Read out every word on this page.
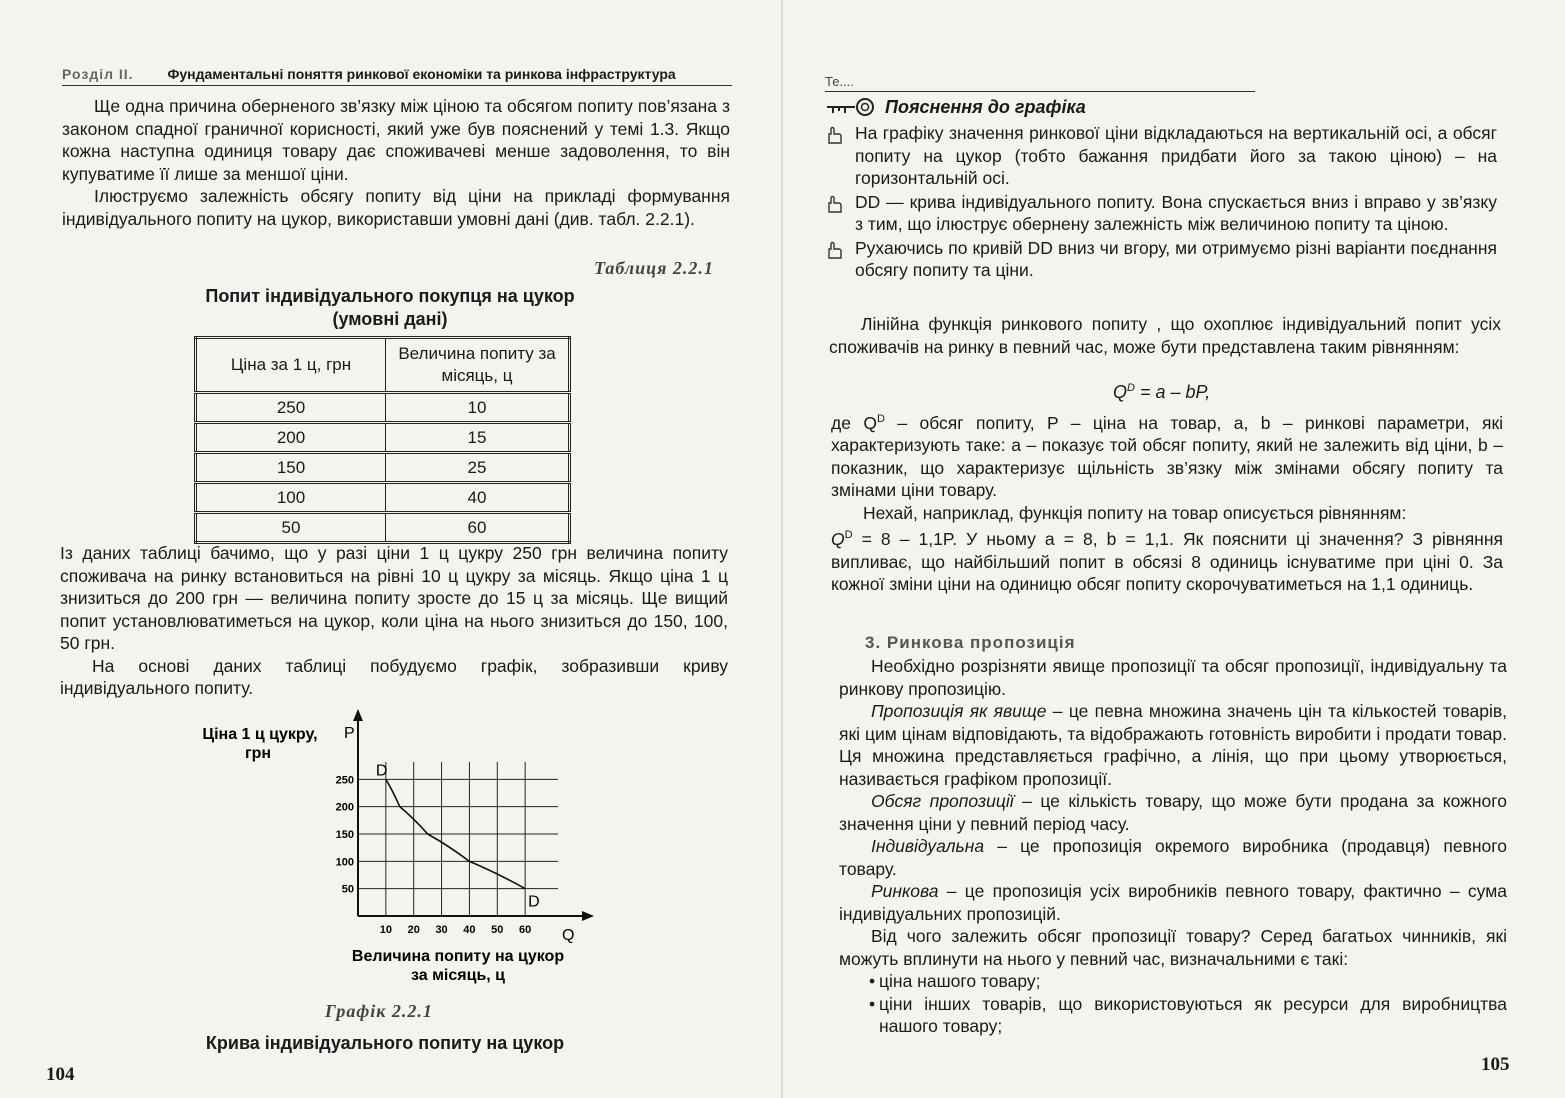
Розділ II. Фундаментальні поняття ринкової економіки та ринкова інфраструктура

Ще одна причина оберненого зв’язку між ціною та обсягом попиту пов’язана з законом спадної граничної корисності, який уже був пояснений у темі 1.3. Якщо кожна наступна одиниця товару дає споживачеві менше задоволення, то він купуватиме її лише за меншої ціни.

Ілюструємо залежність обсягу попиту від ціни на прикладі формування індивідуального попиту на цукор, використавши умовні дані (див. табл. 2.2.1).

Таблиця 2.2.1
Попит індивідуального покупця на цукор
(умовні дані)
Ціна за 1 ц, грн	Величина попиту за місяць, ц
250	10
200	15
150	25
100	40
50	60

Із даних таблиці бачимо, що у разі ціни 1 ц цукру 250 грн величина попиту споживача на ринку встановиться на рівні 10 ц цукру за місяць. Якщо ціна 1 ц знизиться до 200 грн — величина попиту зросте до 15 ц за місяць. Ще вищий попит установлюватиметься на цукор, коли ціна на нього знизиться до 150, 100, 50 грн.

На основі даних таблиці побудуємо графік, зобразивши криву індивідуального попиту.

Ціна 1 ц цукру,
грн
P
Q
10 20 30 40 50 60
250
200
150
100
50
D
D
Величина попиту на цукор
за місяць, ц
Графік 2.2.1
Крива індивідуального попиту на цукор
104
Те....
Пояснення до графіка
На графіку значення ринкової ціни відкладаються на вертикальній осі, а обсяг попиту на цукор (тобто бажання придбати його за такою ціною) – на горизонтальній осі.
DD — крива індивідуального попиту. Вона спускається вниз і вправо у зв’язку з тим, що ілюструє обернену залежність між величиною попиту та ціною.
Рухаючись по кривій DD вниз чи вгору, ми отримуємо різні варіанти поєднання обсягу попиту та ціни.

Лінійна функція ринкового попиту , що охоплює індивідуальний попит усіх споживачів на ринку в певний час, може бути представлена таким рівнянням:

$Q^D = a$ – bP,

де $Q^D$ – обсяг попиту, P – ціна на товар, a, b – ринкові параметри, які характеризують таке: a – показує той обсяг попиту, який не залежить від ціни, b – показник, що характеризує щільність зв’язку між змінами обсягу попиту та змінами ціни товару.

Нехай, наприклад, функція попиту на товар описується рівнянням:

$Q^D = 8 - 1,1P$. У ньому a = 8, b = 1,1. Як пояснити ці значення? З рівняння випливає, що найбільший попит в обсязі 8 одиниць існуватиме при ціні 0. За кожної зміни ціни на одиницю обсяг попиту скорочуватиметься на 1,1 одиниць.

3. Ринкова пропозиція

Необхідно розрізняти явище пропозиції та обсяг пропозиції, індивідуальну та ринкову пропозицію.

Пропозиція як явище – це певна множина значень цін та кількостей товарів, які цим цінам відповідають, та відображають готовність виробити і продати товар. Ця множина представляється графічно, а лінія, що при цьому утворюється, називається графіком пропозиції.

Обсяг пропозиції – це кількість товару, що може бути продана за кожного значення ціни у певний період часу.

Індивідуальна – це пропозиція окремого виробника (продавця) певного товару.

Ринкова – це пропозиція усіх виробників певного товару, фактично – сума індивідуальних пропозицій.

Від чого залежить обсяг пропозиції товару? Серед багатьох чинників, які можуть вплинути на нього у певний час, визначальними є такі:

• ціна нашого товару;
• ціни інших товарів, що використовуються як ресурси для виробництва нашого товару;
105
